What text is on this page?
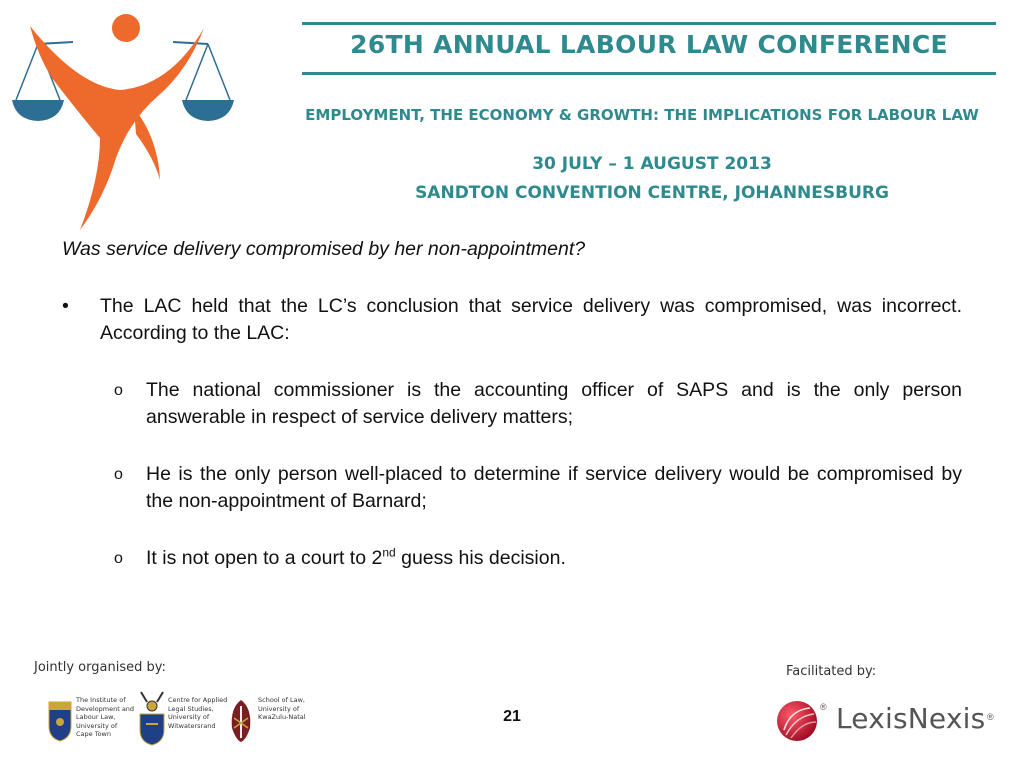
26TH ANNUAL LABOUR LAW CONFERENCE
EMPLOYMENT, THE ECONOMY & GROWTH: THE IMPLICATIONS FOR LABOUR LAW
30 JULY – 1 AUGUST 2013
SANDTON CONVENTION CENTRE, JOHANNESBURG
Was service delivery compromised by her non-appointment?
• The LAC held that the LC’s conclusion that service delivery was compromised, was incorrect. According to the LAC:
o The national commissioner is the accounting officer of SAPS and is the only person answerable in respect of service delivery matters;
o He is the only person well-placed to determine if service delivery would be compromised by the non-appointment of Barnard;
o It is not open to a court to 2nd guess his decision.
Jointly organised by:	Facilitated by:
The Institute of
Development and
Labour Law,
University of
Cape Town
Centre for Applied
Legal Studies,
University of
Witwatersrand
School of Law,
University of
KwaZulu-Natal	21
® LexisNexis ®
